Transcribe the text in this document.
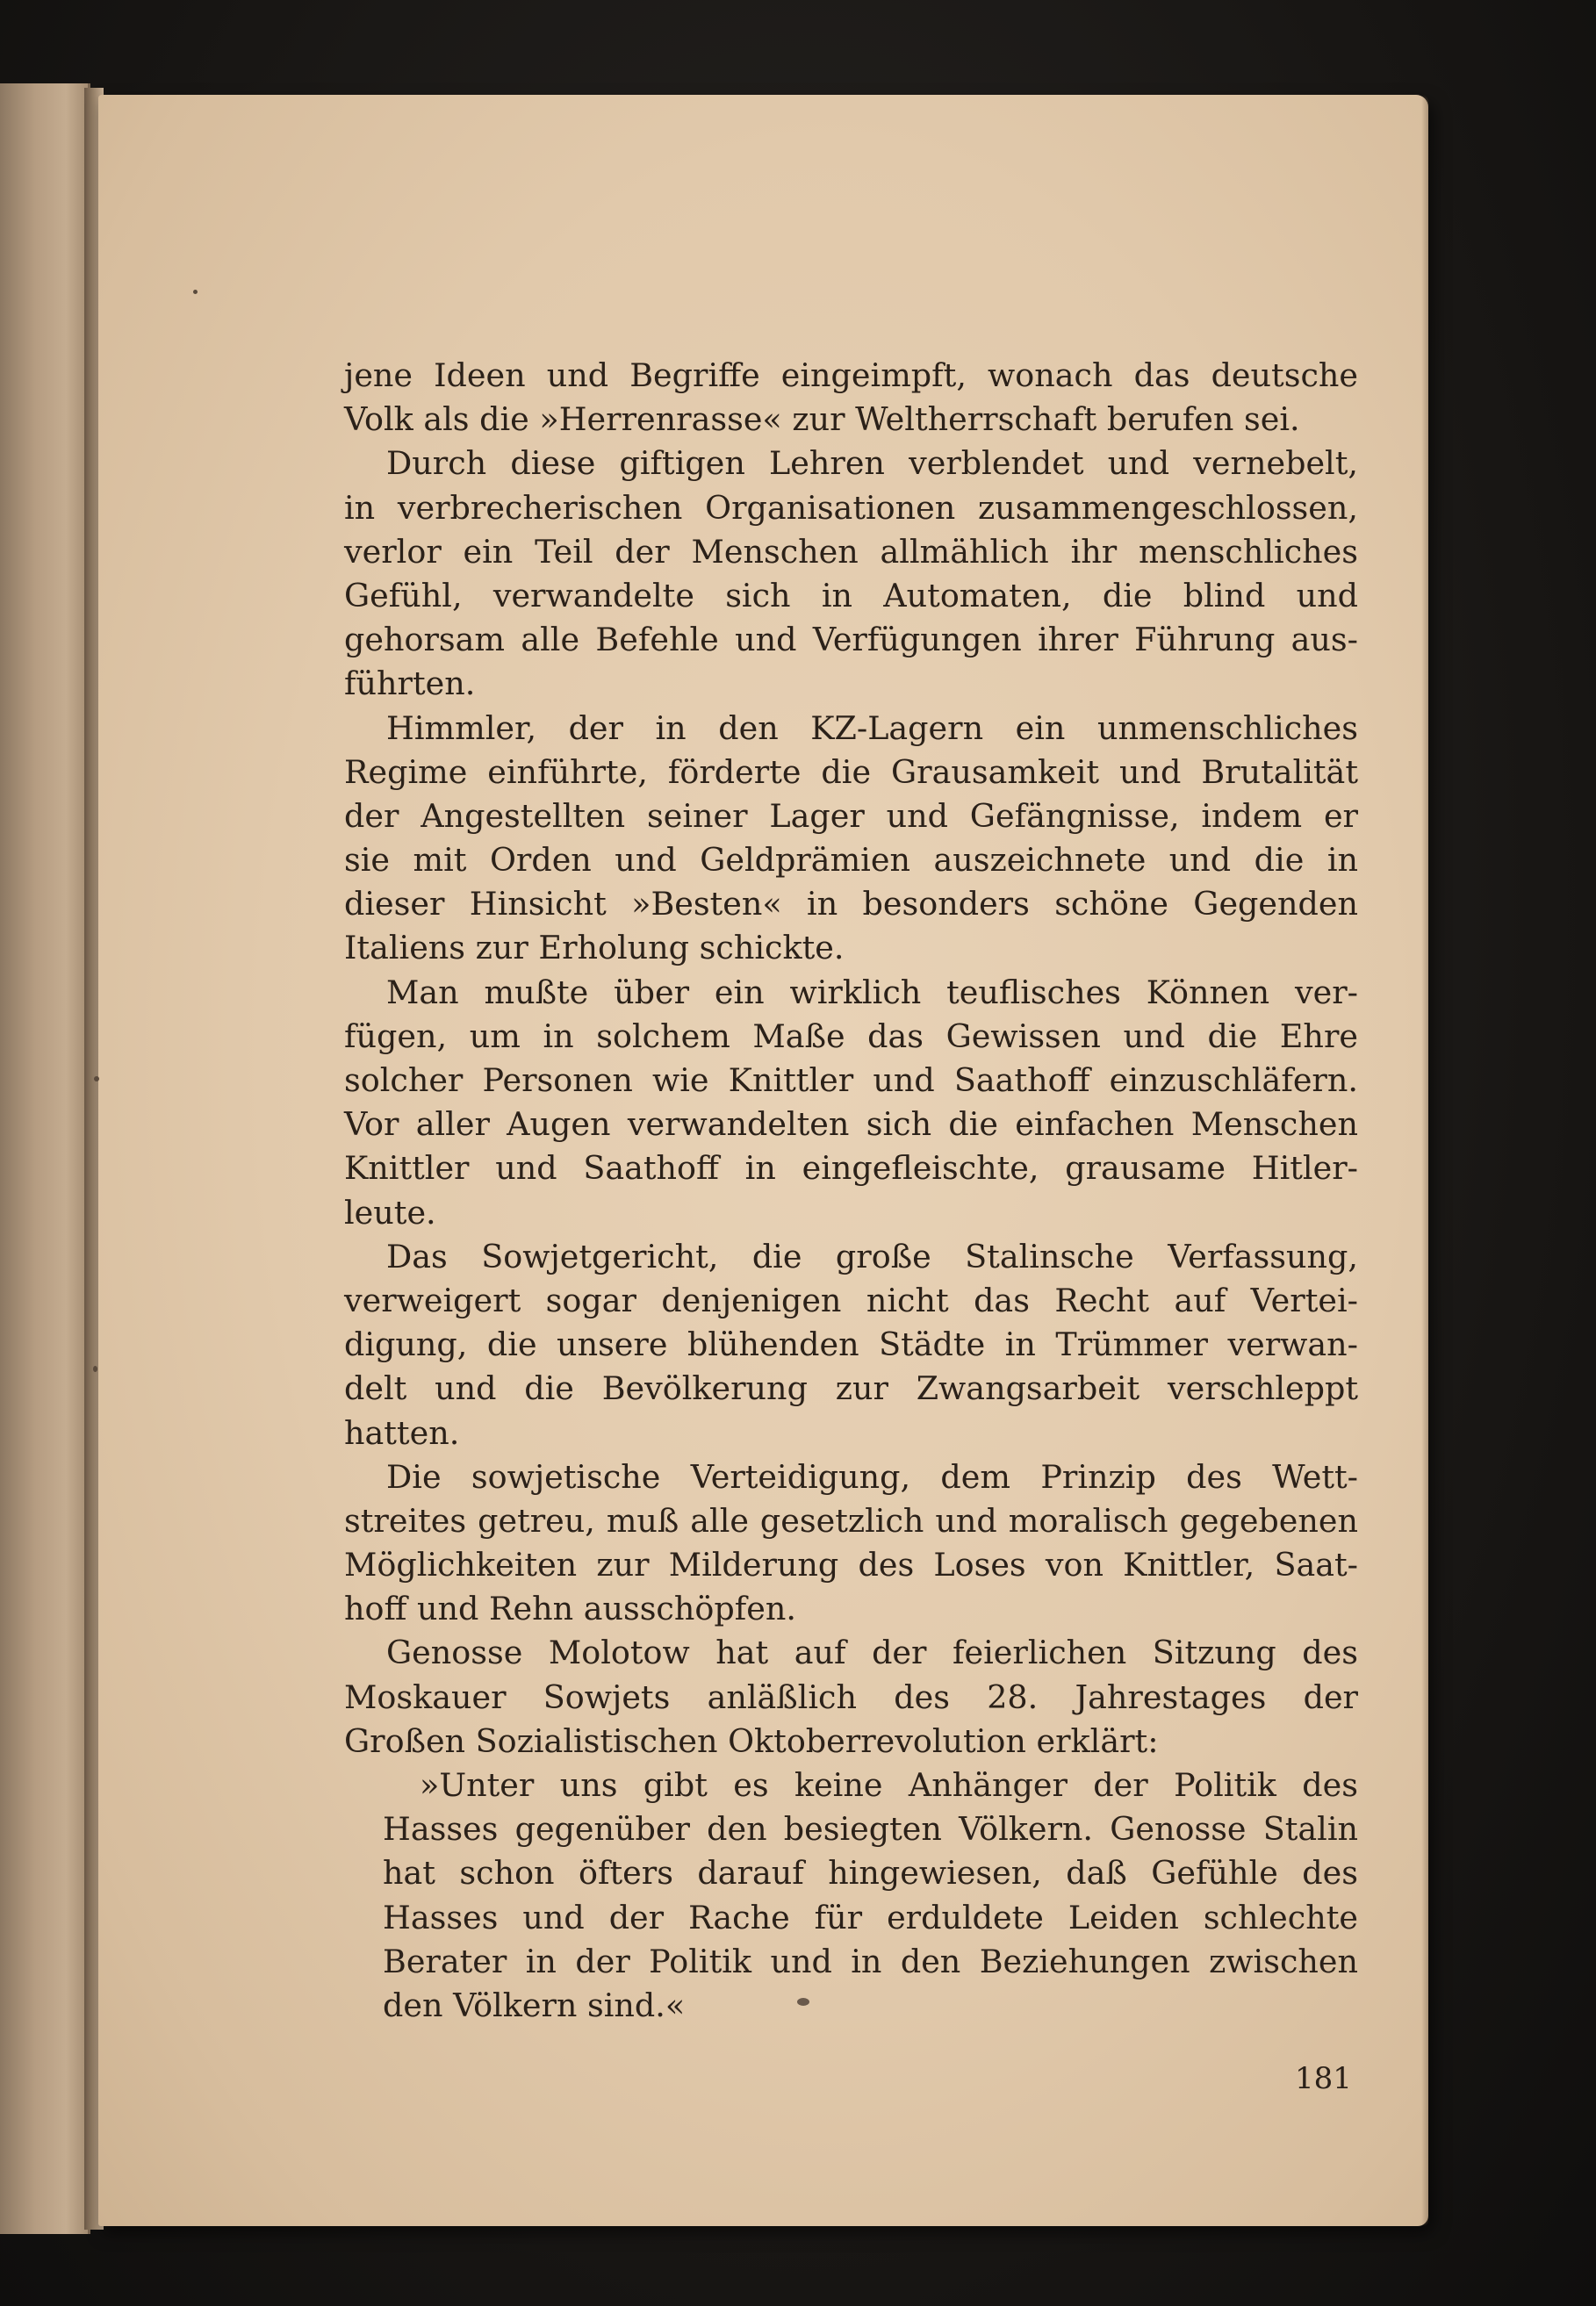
jene Ideen und Begriffe eingeimpft, wonach das deutsche
Volk als die »Herrenrasse« zur Weltherrschaft berufen sei.
Durch diese giftigen Lehren verblendet und vernebelt,
in verbrecherischen Organisationen zusammengeschlossen,
verlor ein Teil der Menschen allmählich ihr menschliches
Gefühl, verwandelte sich in Automaten, die blind und
gehorsam alle Befehle und Verfügungen ihrer Führung aus-
führten.
Himmler, der in den KZ-Lagern ein unmenschliches
Regime einführte, förderte die Grausamkeit und Brutalität
der Angestellten seiner Lager und Gefängnisse, indem er
sie mit Orden und Geldprämien auszeichnete und die in
dieser Hinsicht »Besten« in besonders schöne Gegenden
Italiens zur Erholung schickte.
Man mußte über ein wirklich teuflisches Können ver-
fügen, um in solchem Maße das Gewissen und die Ehre
solcher Personen wie Knittler und Saathoff einzuschläfern.
Vor aller Augen verwandelten sich die einfachen Menschen
Knittler und Saathoff in eingefleischte, grausame Hitler-
leute.
Das Sowjetgericht, die große Stalinsche Verfassung,
verweigert sogar denjenigen nicht das Recht auf Vertei-
digung, die unsere blühenden Städte in Trümmer verwan-
delt und die Bevölkerung zur Zwangsarbeit verschleppt
hatten.
Die sowjetische Verteidigung, dem Prinzip des Wett-
streites getreu, muß alle gesetzlich und moralisch gegebenen
Möglichkeiten zur Milderung des Loses von Knittler, Saat-
hoff und Rehn ausschöpfen.
Genosse Molotow hat auf der feierlichen Sitzung des
Moskauer Sowjets anläßlich des 28. Jahrestages der
Großen Sozialistischen Oktoberrevolution erklärt:
»Unter uns gibt es keine Anhänger der Politik des
Hasses gegenüber den besiegten Völkern. Genosse Stalin
hat schon öfters darauf hingewiesen, daß Gefühle des
Hasses und der Rache für erduldete Leiden schlechte
Berater in der Politik und in den Beziehungen zwischen
den Völkern sind.«
181
